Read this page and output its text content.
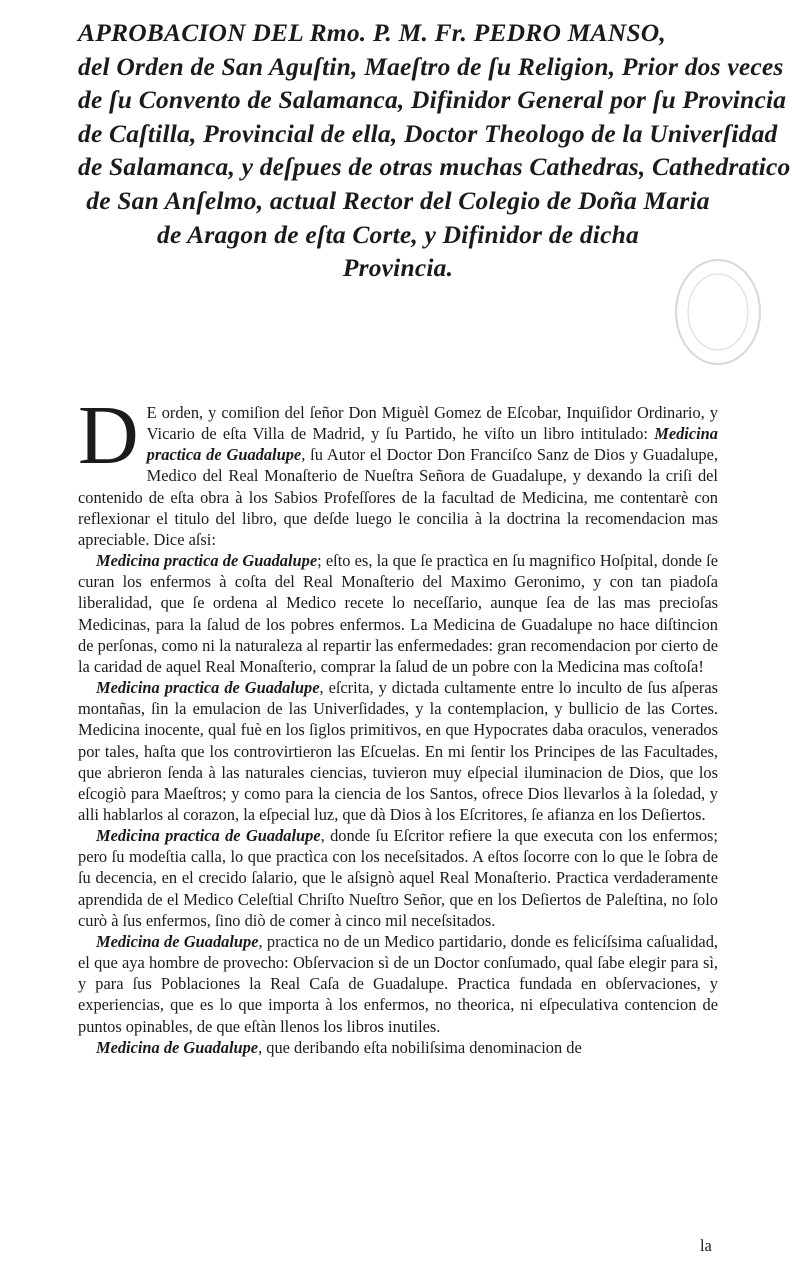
APROBACION DEL Rmo. P. M. Fr. PEDRO MANSO,
del Orden de San Aguſtin, Maeſtro de ſu Religion, Prior dos veces
de ſu Convento de Salamanca, Difinidor General por ſu Provincia
de Caſtilla, Provincial de ella, Doctor Theologo de la Univerſidad
de Salamanca, y deſpues de otras muchas Cathedras, Cathedratico
de San Anſelmo, actual Rector del Colegio de Doña Maria
de Aragon de eſta Corte, y Difinidor de dicha
Provincia.

D E orden, y comiſion del ſeñor Don Miguèl Gomez de Eſcobar, Inquiſidor Ordinario, y Vicario de eſta Villa de Madrid, y ſu Partido, he viſto un libro intitulado: Medicina practica de Guadalupe, ſu Autor el Doctor Don Franciſco Sanz de Dios y Guadalupe, Medico del Real Monaſterio de Nueſtra Señora de Guadalupe, y dexando la criſi del contenido de eſta obra à los Sabios Profeſſores de la facultad de Medicina, me contentarè con reflexionar el titulo del libro, que deſde luego le concilia à la doctrina la recomendacion mas apreciable. Dice aſsi:

Medicina practica de Guadalupe; eſto es, la que ſe practìca en ſu magnifico Hoſpital, donde ſe curan los enfermos à coſta del Real Monaſterio del Maximo Geronimo, y con tan piadoſa liberalidad, que ſe ordena al Medico recete lo neceſſario, aunque ſea de las mas precioſas Medicinas, para la ſalud de los pobres enfermos. La Medicina de Guadalupe no hace diſtincion de perſonas, como ni la naturaleza al repartir las enfermedades: gran recomendacion por cierto de la caridad de aquel Real Monaſterio, comprar la ſalud de un pobre con la Medicina mas coſtoſa!

Medicina practica de Guadalupe, eſcrita, y dictada cultamente entre lo inculto de ſus aſperas montañas, ſin la emulacion de las Univerſidades, y la contemplacion, y bullicio de las Cortes. Medicina inocente, qual fuè en los ſiglos primitivos, en que Hypocrates daba oraculos, venerados por tales, haſta que los controvirtieron las Eſcuelas. En mi ſentir los Principes de las Facultades, que abrieron ſenda à las naturales ciencias, tuvieron muy eſpecial iluminacion de Dios, que los eſcogiò para Maeſtros; y como para la ciencia de los Santos, ofrece Dios llevarlos à la ſoledad, y alli hablarlos al corazon, la eſpecial luz, que dà Dios à los Eſcritores, ſe afianza en los Deſiertos.

Medicina practica de Guadalupe, donde ſu Eſcritor refiere la que executa con los enfermos; pero ſu modeſtia calla, lo que practìca con los neceſsitados. A eſtos ſocorre con lo que le ſobra de ſu decencia, en el crecido ſalario, que le aſsignò aquel Real Monaſterio. Practica verdaderamente aprendida de el Medico Celeſtial Chriſto Nueſtro Señor, que en los Deſiertos de Paleſtina, no ſolo curò à ſus enfermos, ſino diò de comer à cinco mil neceſsitados.

Medicina de Guadalupe, practica no de un Medico partidario, donde es felicíſsima caſualidad, el que aya hombre de provecho: Obſervacion sì de un Doctor conſumado, qual ſabe elegir para sì, y para ſus Poblaciones la Real Caſa de Guadalupe. Practica fundada en obſervaciones, y experiencias, que es lo que importa à los enfermos, no theorica, ni eſpeculativa contencion de puntos opinables, de que eſtàn llenos los libros inutiles.

Medicina de Guadalupe, que deribando eſta nobiliſsima denominacion de

la
